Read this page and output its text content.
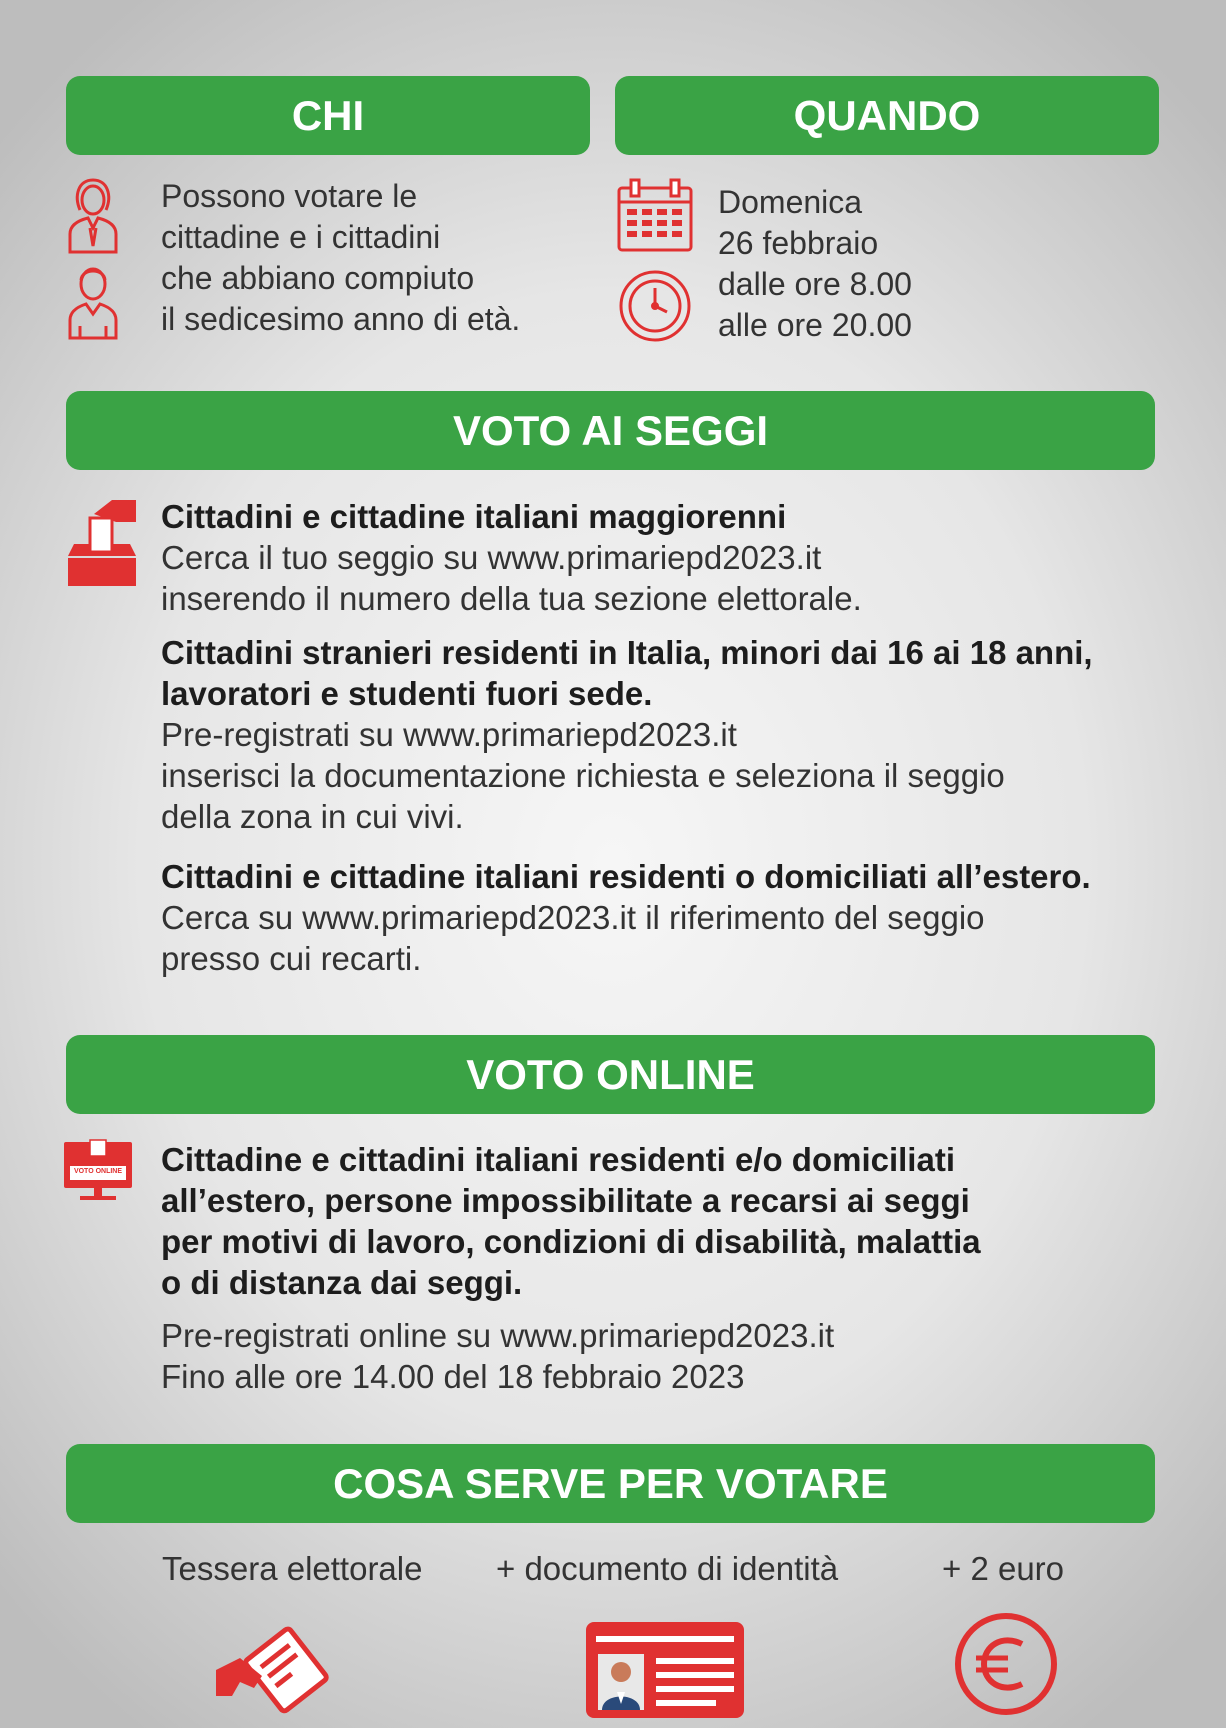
CHI	QUANDO

Possono votare le

cittadine e i cittadini

che abbiano compiuto

il sedicesimo anno di età.

Domenica

26 febbraio

dalle ore 8.00

alle ore 20.00

VOTO AI SEGGI

Cittadini e cittadine italiani maggiorenni

Cerca il tuo seggio su www.primariepd2023.it

inserendo il numero della tua sezione elettorale.

Cittadini stranieri residenti in Italia, minori dai 16 ai 18 anni,

lavoratori e studenti fuori sede.

Pre-registrati su www.primariepd2023.it

inserisci la documentazione richiesta e seleziona il seggio

della zona in cui vivi.

Cittadini e cittadine italiani residenti o domiciliati all’estero.

Cerca su www.primariepd2023.it il riferimento del seggio

presso cui recarti.

VOTO ONLINE
VOTO ONLINE Cittadine e cittadini italiani residenti e/o domiciliati

all’estero, persone impossibilitate a recarsi ai seggi

per motivi di lavoro, condizioni di disabilità, malattia

o di distanza dai seggi.

Pre-registrati online su www.primariepd2023.it

Fino alle ore 14.00 del 18 febbraio 2023

COSA SERVE PER VOTARE
Tessera elettorale + documento di identità	+ 2 euro
